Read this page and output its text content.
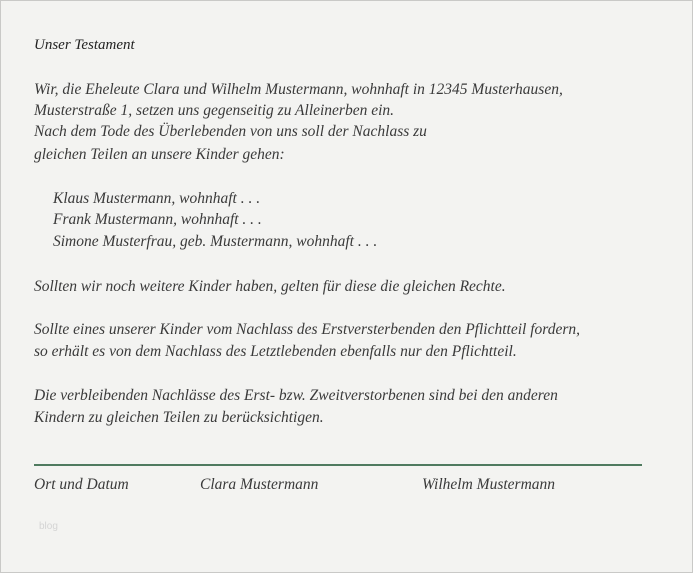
Unser Testament
Wir, die Eheleute Clara und Wilhelm Mustermann, wohnhaft in 12345 Musterhausen,
Musterstraße 1, setzen uns gegenseitig zu Alleinerben ein.
Nach dem Tode des Überlebenden von uns soll der Nachlass zu
gleichen Teilen an unsere Kinder gehen:
Klaus Mustermann, wohnhaft . . .
Frank Mustermann, wohnhaft . . .
Simone Musterfrau, geb. Mustermann, wohnhaft . . .
Sollten wir noch weitere Kinder haben, gelten für diese die gleichen Rechte.
Sollte eines unserer Kinder vom Nachlass des Erstversterbenden den Pflichtteil fordern,
so erhält es von dem Nachlass des Letztlebenden ebenfalls nur den Pflichtteil.
Die verbleibenden Nachlässe des Erst- bzw. Zweitverstorbenen sind bei den anderen
Kindern zu gleichen Teilen zu berücksichtigen.
Ort und Datum	Clara Mustermann	Wilhelm Mustermann
blog
